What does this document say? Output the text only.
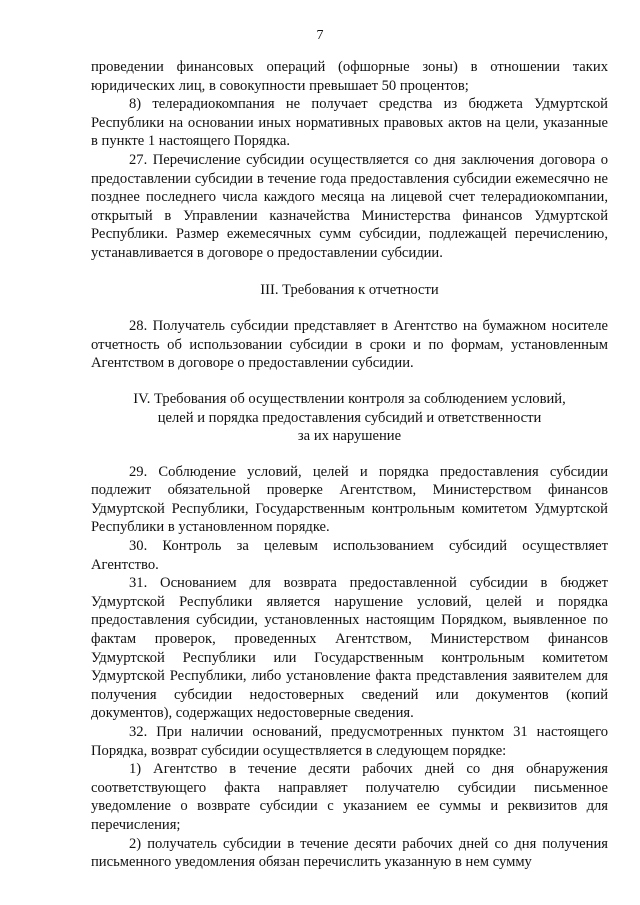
7

проведении финансовых операций (офшорные зоны) в отношении таких юридических лиц, в совокупности превышает 50 процентов;

8) телерадиокомпания не получает средства из бюджета Удмуртской Республики на основании иных нормативных правовых актов на цели, указанные в пункте 1 настоящего Порядка.

27. Перечисление субсидии осуществляется со дня заключения договора о предоставлении субсидии в течение года предоставления субсидии ежемесячно не позднее последнего числа каждого месяца на лицевой счет телерадиокомпании, открытый в Управлении казначейства Министерства финансов Удмуртской Республики. Размер ежемесячных сумм субсидии, подлежащей перечислению, устанавливается в договоре о предоставлении субсидии.

III. Требования к отчетности

28. Получатель субсидии представляет в Агентство на бумажном носителе отчетность об использовании субсидии в сроки и по формам, установленным Агентством в договоре о предоставлении субсидии.

IV. Требования об осуществлении контроля за соблюдением условий,
целей и порядка предоставления субсидий и ответственности
за их нарушение

29. Соблюдение условий, целей и порядка предоставления субсидии подлежит обязательной проверке Агентством, Министерством финансов Удмуртской Республики, Государственным контрольным комитетом Удмуртской Республики в установленном порядке.

30. Контроль за целевым использованием субсидий осуществляет Агентство.

31. Основанием для возврата предоставленной субсидии в бюджет Удмуртской Республики является нарушение условий, целей и порядка предоставления субсидии, установленных настоящим Порядком, выявленное по фактам проверок, проведенных Агентством, Министерством финансов Удмуртской Республики или Государственным контрольным комитетом Удмуртской Республики, либо установление факта представления заявителем для получения субсидии недостоверных сведений или документов (копий документов), содержащих недостоверные сведения.

32. При наличии оснований, предусмотренных пунктом 31 настоящего Порядка, возврат субсидии осуществляется в следующем порядке:

1) Агентство в течение десяти рабочих дней со дня обнаружения соответствующего факта направляет получателю субсидии письменное уведомление о возврате субсидии с указанием ее суммы и реквизитов для перечисления;

2) получатель субсидии в течение десяти рабочих дней со дня получения письменного уведомления обязан перечислить указанную в нем сумму
